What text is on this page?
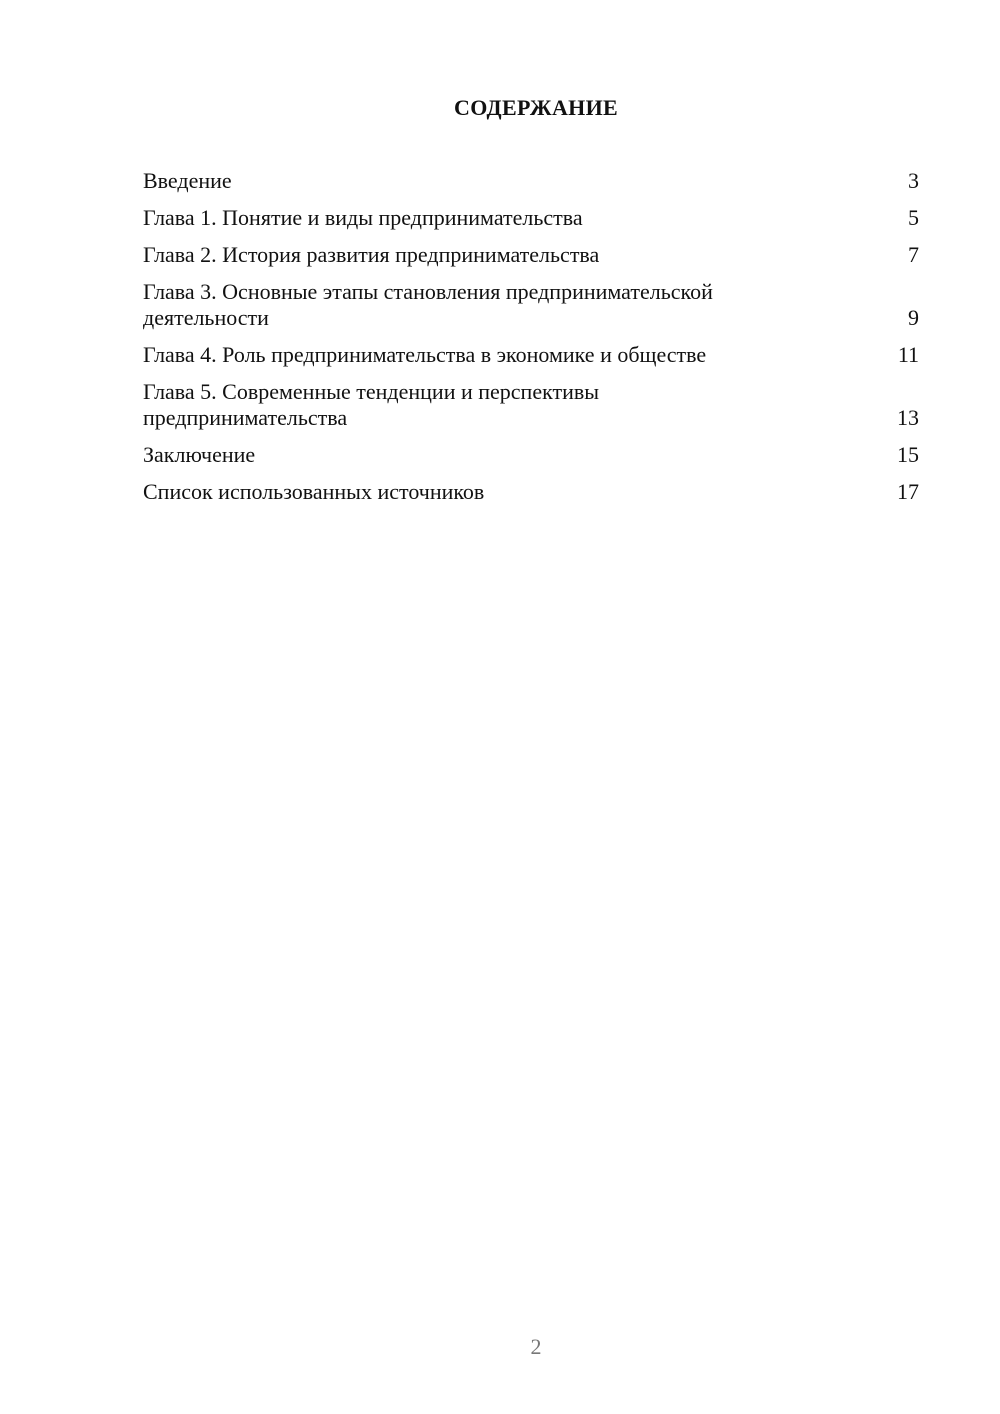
СОДЕРЖАНИЕ
Введение	3
Глава 1. Понятие и виды предпринимательства	5
Глава 2. История развития предпринимательства	7
Глава 3. Основные этапы становления предпринимательской деятельности	9
Глава 4. Роль предпринимательства в экономике и обществе	11
Глава 5. Современные тенденции и перспективы предпринимательства	13
Заключение	15
Список использованных источников	17
2
